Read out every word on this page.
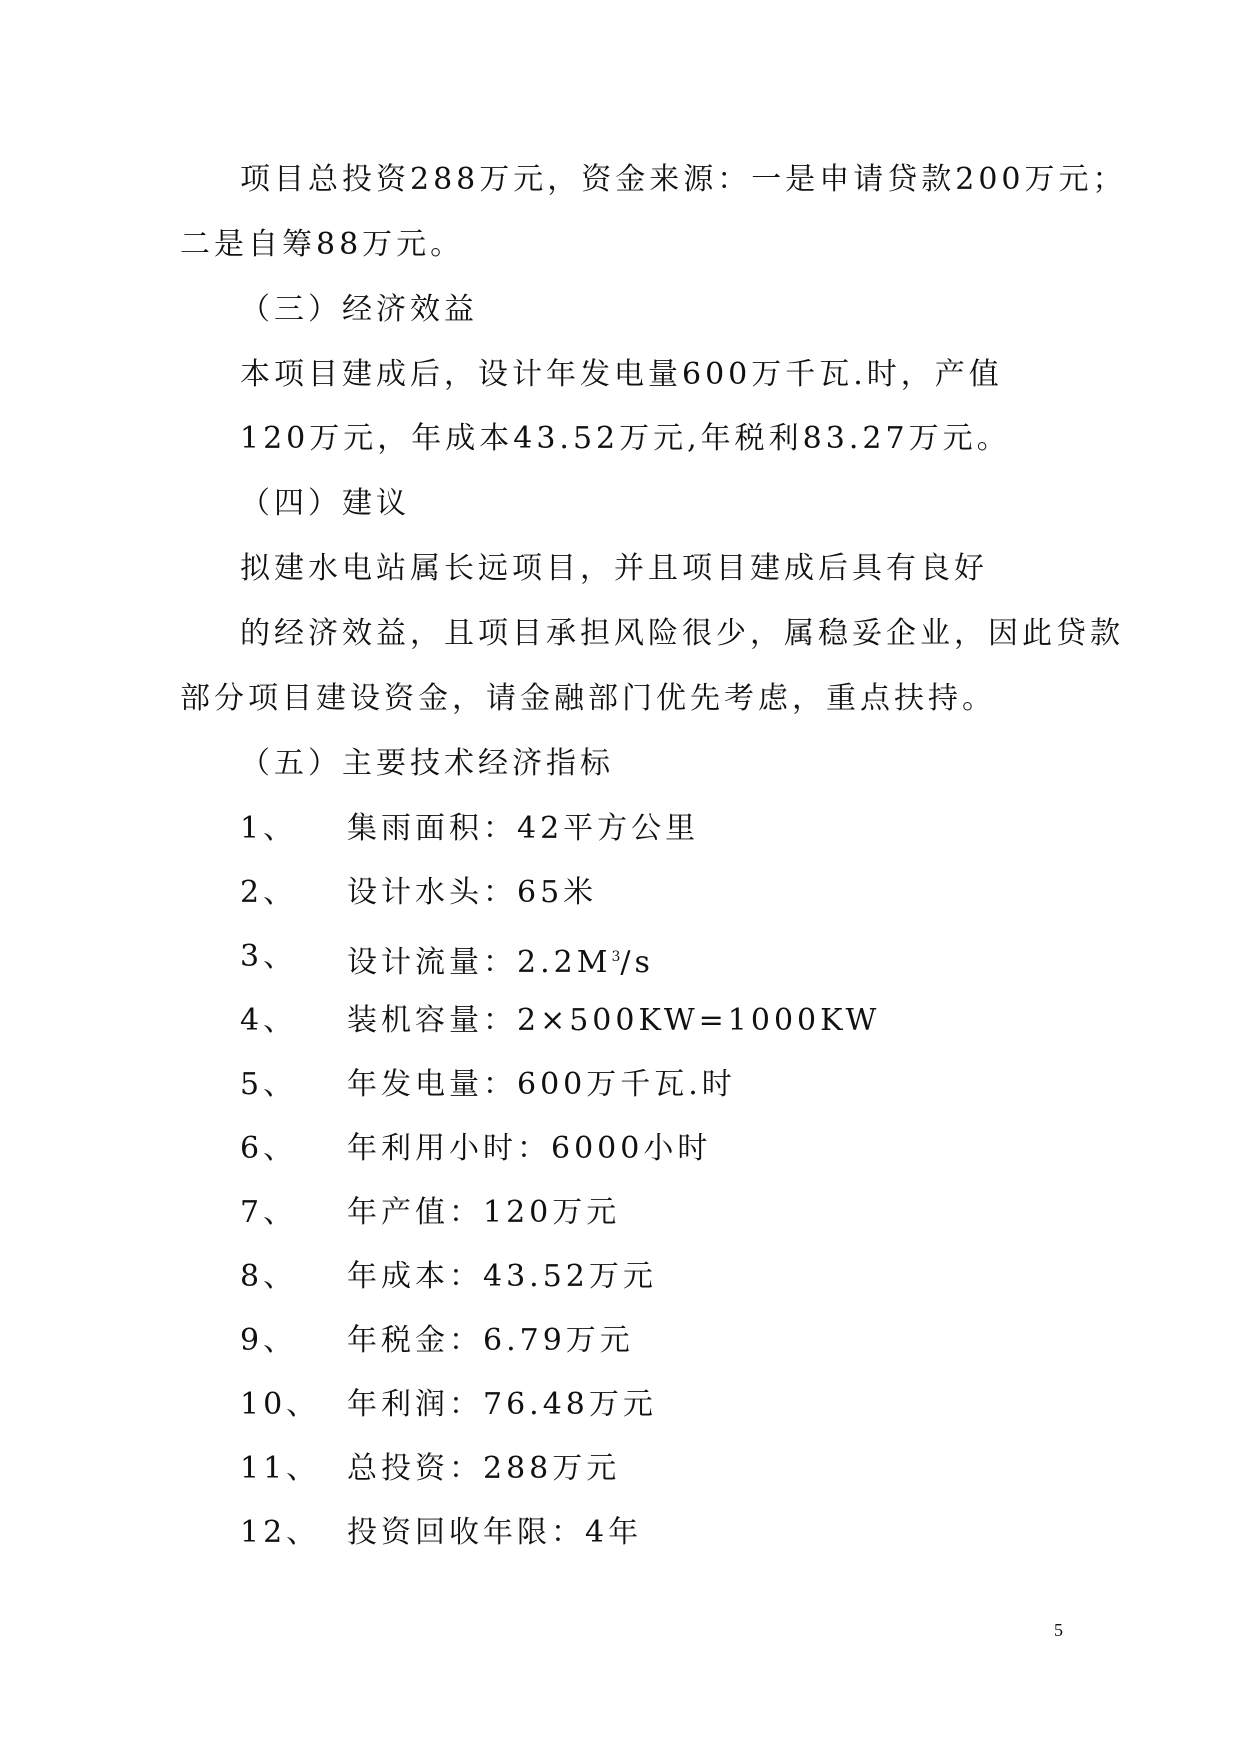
项目总投资288万元，资金来源：一是申请贷款200万元；
二是自筹88万元。
（三）经济效益
本项目建成后，设计年发电量600万千瓦.时，产值
120万元，年成本43.52万元,年税利83.27万元。
（四）建议
拟建水电站属长远项目，并且项目建成后具有良好
的经济效益，且项目承担风险很少，属稳妥企业，因此贷款
部分项目建设资金，请金融部门优先考虑，重点扶持。
（五）主要技术经济指标
1、 集雨面积：42平方公里
2、 设计水头：65米
3、 设计流量：$2.2M^3/s$
4、 装机容量：2×500KW=1000KW
5、 年发电量：600万千瓦.时
6、 年利用小时：6000小时
7、 年产值：120万元
8、 年成本：43.52万元
9、 年税金：6.79万元
10、 年利润：76.48万元
11、 总投资：288万元
12、 投资回收年限：4年
5
